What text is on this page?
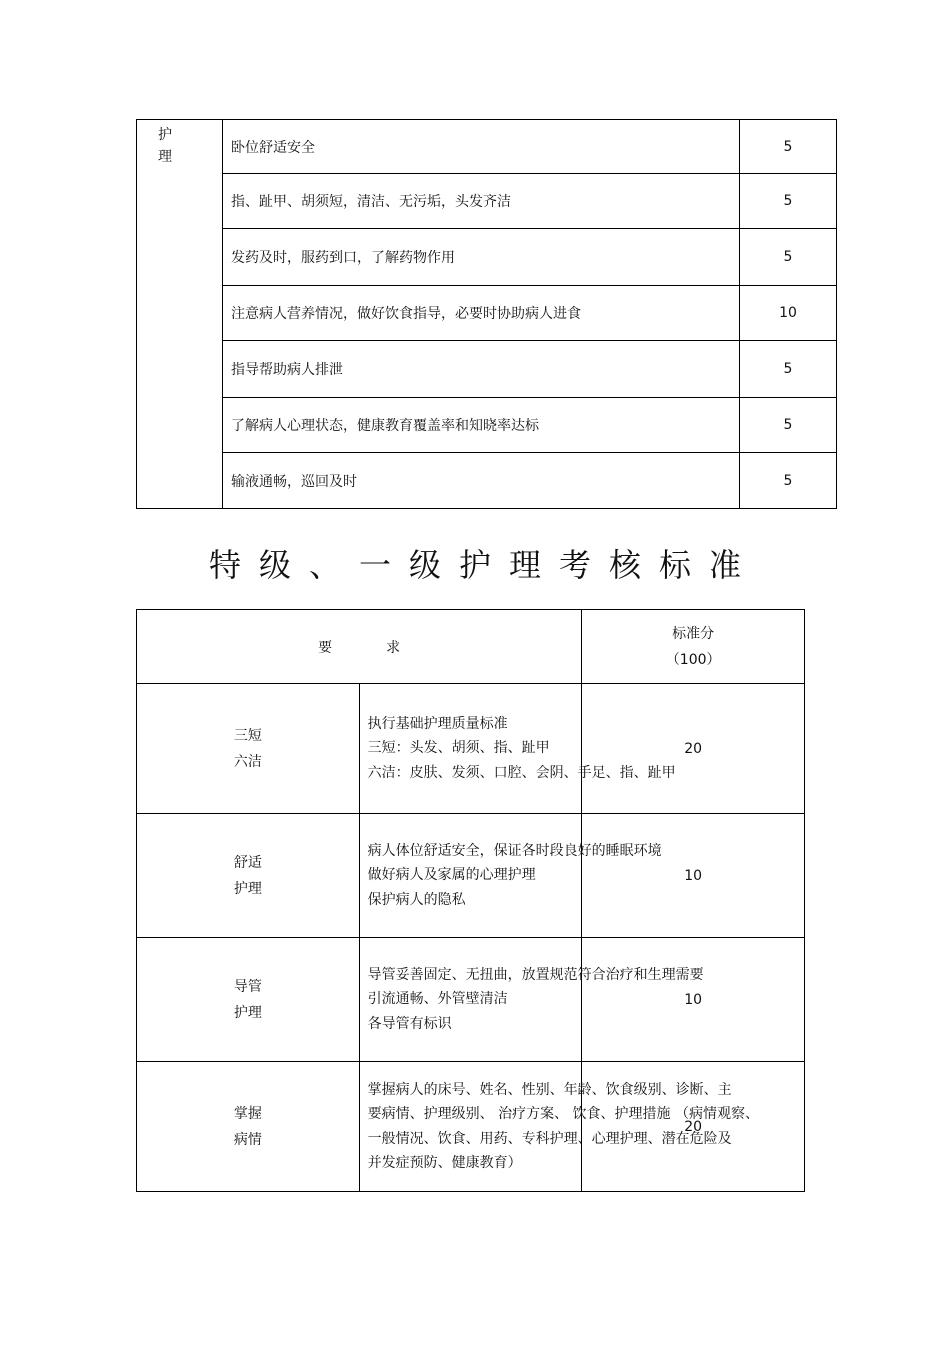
护
理	卧位舒适安全	5
	指、趾甲、胡须短，清洁、无污垢，头发齐洁	5
	发药及时，服药到口，了解药物作用	5
	注意病人营养情况，做好饮食指导，必要时协助病人进食	10
	指导帮助病人排泄	5
	了解病人心理状态，健康教育覆盖率和知晓率达标	5
	输液通畅，巡回及时	5
特级、一级护理考核标准
要 求		标准分
（100）

三短
六洁	执行基础护理质量标准
三短：头发、胡须、指、趾甲
六洁：皮肤、发须、口腔、会阴、手足、指、趾甲	20

舒适
护理	病人体位舒适安全，保证各时段良好的睡眠环境
做好病人及家属的心理护理
保护病人的隐私	10

导管
护理	导管妥善固定、无扭曲，放置规范符合治疗和生理需要
引流通畅、外管壁清洁
各导管有标识	10

掌握
病情	掌握病人的床号、姓名、性别、年龄、饮食级别、诊断、主
要病情、护理级别、 治疗方案、 饮食、护理措施 （病情观察、
一般情况、饮食、用药、专科护理、心理护理、潜在危险及
并发症预防、健康教育）	20
